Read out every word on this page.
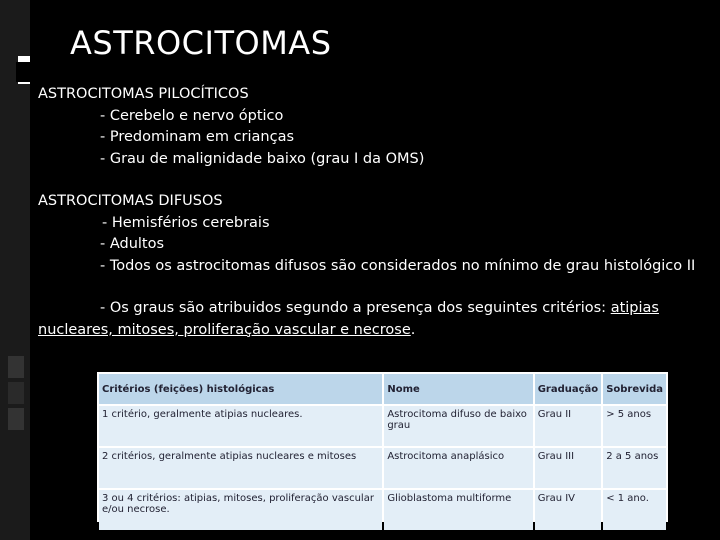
ASTROCITOMAS
ASTROCITOMAS PILOCÍTICOS
- Cerebelo e nervo óptico
- Predominam em crianças
- Grau de malignidade baixo (grau I da OMS)
ASTROCITOMAS DIFUSOS
- Hemisférios cerebrais
- Adultos
- Todos os astrocitomas difusos são considerados no mínimo de grau histológico II
- Os graus são atribuidos segundo a presença dos seguintes critérios: atipias nucleares, mitoses, proliferação vascular e necrose.
Critérios (feições) histológicas	Nome	Graduação	Sobrevida
1 critério, geralmente atipias nucleares.	Astrocitoma difuso de baixo grau	Grau II	> 5 anos
2 critérios, geralmente atipias nucleares e mitoses	Astrocitoma anaplásico	Grau III	2 a 5 anos
3 ou 4 critérios: atipias, mitoses, proliferação vascular e/ou necrose.	Glioblastoma multiforme	Grau IV	< 1 ano.
